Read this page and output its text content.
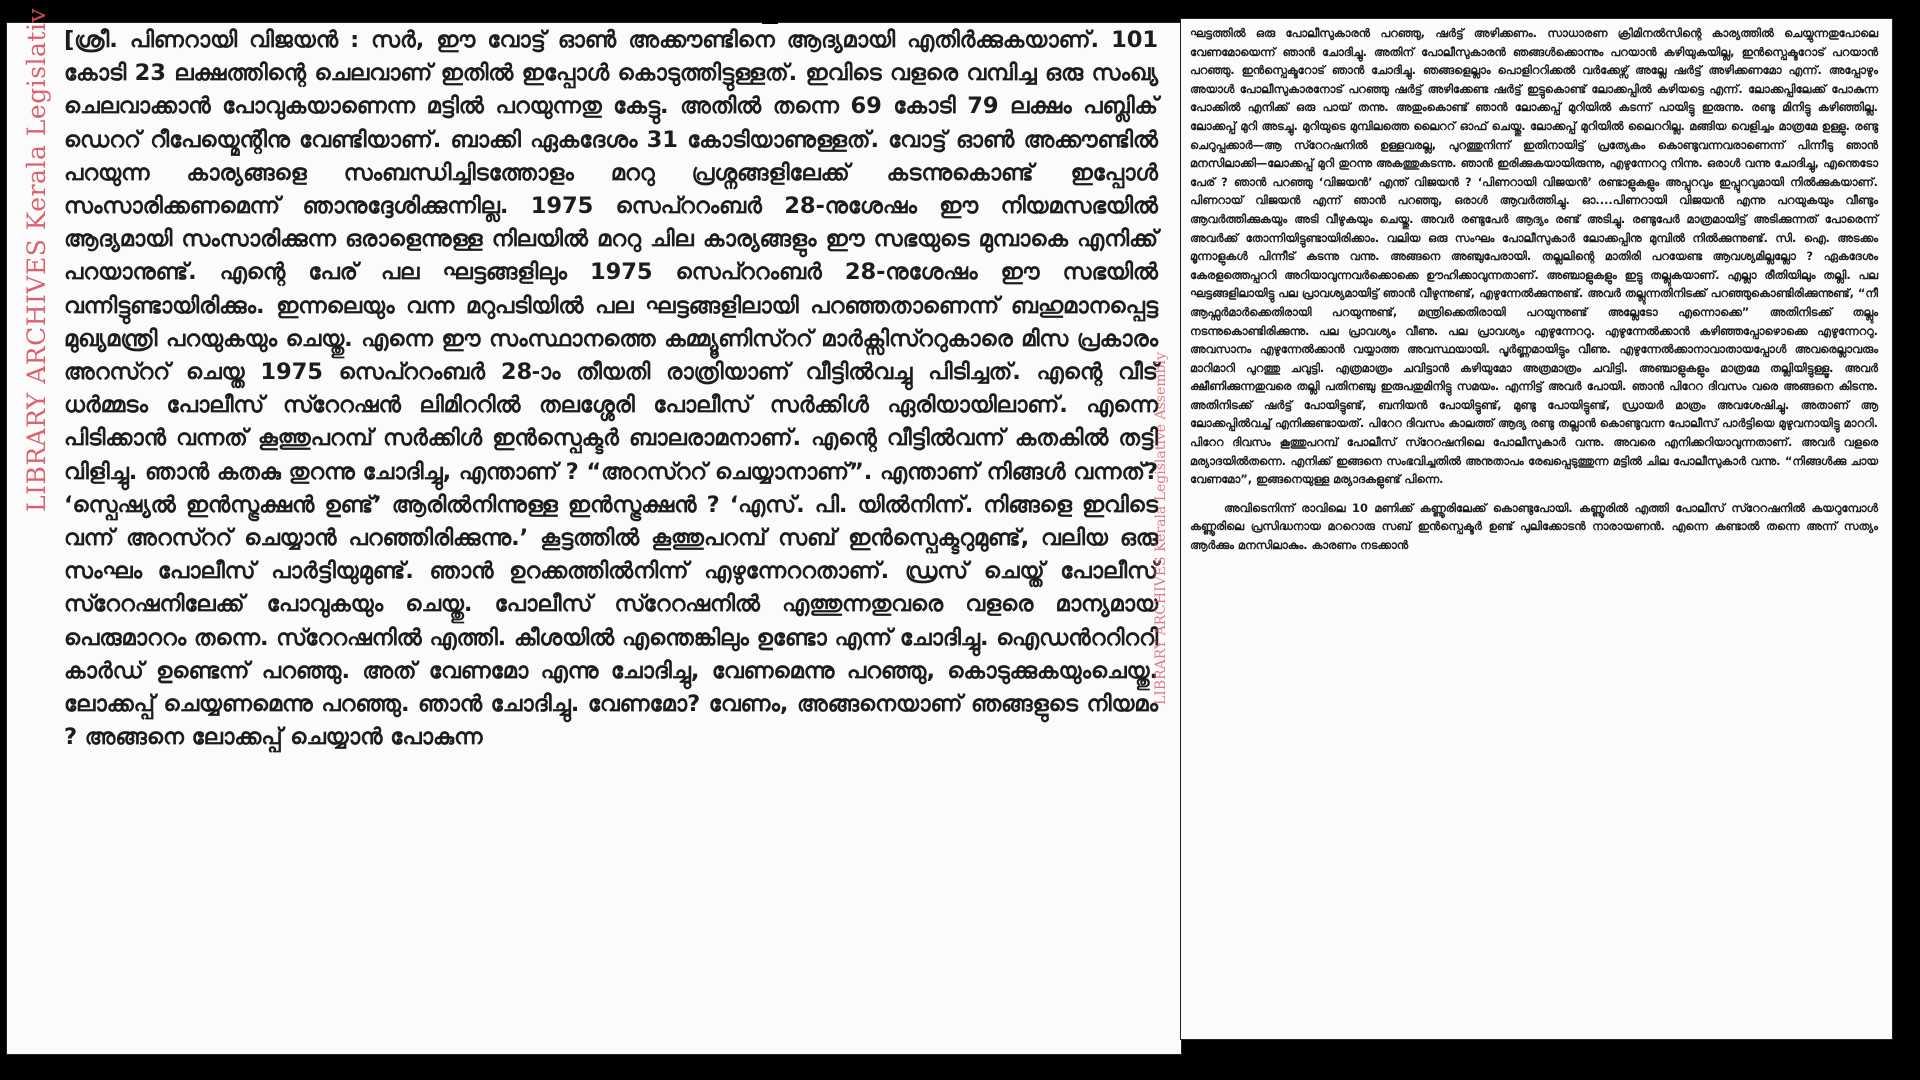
LIBRARY ARCHIVES Kerala Legislativ [ശ്രീ. പിണറായി വിജയൻ : സർ, ഈ വോട്ട് ഓൺ അക്കൗണ്ടിനെ ആദ്യമായി എതിർക്കുകയാണ്. 101 കോടി 23 ലക്ഷത്തിന്റെ ചെലവാണ് ഇതിൽ ഇപ്പോൾ കൊടുത്തിട്ടുള്ളത്. ഇവിടെ വളരെ വമ്പിച്ച ഒരു സംഖ്യ ചെലവാക്കാൻ പോവുകയാണെന്ന മട്ടിൽ പറയുന്നതു കേട്ടു. അതിൽ തന്നെ 69 കോടി 79 ലക്ഷം പബ്ലിക് ഡെററ് റീപേയ്മെന്റിനു വേണ്ടിയാണ്. ബാക്കി ഏകദേശം 31 കോടിയാണുള്ളത്. വോട്ട് ഓൺ അക്കൗണ്ടിൽ പറയുന്ന കാര്യങ്ങളെ സംബന്ധിച്ചിടത്തോളം മററു പ്രശ്നങ്ങളിലേക്ക് കടന്നുകൊണ്ട് ഇപ്പോൾ സംസാരിക്കണമെന്ന് ഞാനുദ്ദേശിക്കുന്നില്ല. 1975 സെപ്ററംബർ 28-നുശേഷം ഈ നിയമസഭയിൽ ആദ്യമായി സംസാരിക്കുന്ന ഒരാളെന്നുള്ള നിലയിൽ മററു ചില കാര്യങ്ങളും ഈ സഭയുടെ മുമ്പാകെ എനിക്ക് പറയാനുണ്ട്. എന്റെ പേര് പല ഘട്ടങ്ങളിലും 1975 സെപ്ററംബർ 28-നുശേഷം ഈ സഭയിൽ വന്നിട്ടുണ്ടായിരിക്കും. ഇന്നലെയും വന്ന മറുപടിയിൽ പല ഘട്ടങ്ങളിലായി പറഞ്ഞതാണെന്ന് ബഹുമാനപ്പെട്ട മുഖ്യമന്ത്രി പറയുകയും ചെയ്തു. എന്നെ ഈ സംസ്ഥാനത്തെ കമ്മ്യൂണിസ്ററ് മാർക്സിസ്ററുകാരെ മിസ പ്രകാരം അറസ്ററ് ചെയ്ത 1975 സെപ്ററംബർ 28-ാം തീയതി രാത്രിയാണ് വീട്ടിൽവച്ചു പിടിച്ചത്. എന്റെ വീട് ധർമ്മടം പോലീസ് സ്റേറഷൻ ലിമിററിൽ തലശ്ശേരി പോലീസ് സർക്കിൾ ഏരിയായിലാണ്. എന്നെ പിടിക്കാൻ വന്നത് കൂത്തുപറമ്പ് സർക്കിൾ ഇൻസ്പെക്ടർ ബാലരാമനാണ്. എന്റെ വീട്ടിൽവന്ന് കതകിൽ തട്ടി വിളിച്ചു. ഞാൻ കതകു തുറന്നു ചോദിച്ചു, എന്താണ് ? “അറസ്ററ് ചെയ്യാനാണ്”. എന്താണ് നിങ്ങൾ വന്നത്? ‘സ്പെഷ്യൽ ഇൻസ്ട്രക്ഷൻ ഉണ്ട്’ ആരിൽനിന്നുള്ള ഇൻസ്ട്രക്ഷൻ ? ‘എസ്. പി. യിൽനിന്ന്. നിങ്ങളെ ഇവിടെ വന്ന് അറസ്ററ് ചെയ്യാൻ പറഞ്ഞിരിക്കുന്നു.’ കൂട്ടത്തിൽ കൂത്തുപറമ്പ് സബ് ഇൻസ്പെക്ടറുമുണ്ട്, വലിയ ഒരു സംഘം പോലീസ് പാർട്ടിയുമുണ്ട്. ഞാൻ ഉറക്കത്തിൽനിന്ന് എഴുന്നേററതാണ്. ഡ്രസ് ചെയ്ത് പോലീസ് സ്റേറഷനിലേക്ക് പോവുകയും ചെയ്തു. പോലീസ് സ്റേറഷനിൽ എത്തുന്നതുവരെ വളരെ മാന്യമായ പെരുമാററം തന്നെ. സ്റേറഷനിൽ എത്തി. കീശയിൽ എന്തെങ്കിലും ഉണ്ടോ എന്ന് ചോദിച്ചു. ഐഡൻററിററി കാർഡ് ഉണ്ടെന്ന് പറഞ്ഞു. അത് വേണമോ എന്നു ചോദിച്ചു, വേണമെന്നു പറഞ്ഞു, കൊടുക്കുകയുംചെയ്തു. ലോക്കപ്പ് ചെയ്യണമെന്നു പറഞ്ഞു. ഞാൻ ചോദിച്ചു. വേണമോ? വേണം, അങ്ങനെയാണ് ഞങ്ങളുടെ നിയമം ? അങ്ങനെ ലോക്കപ്പ് ചെയ്യാൻ പോകുന്ന
LIBRARY ARCHIVES Kerala Legislative Assembly
ഘട്ടത്തിൽ ഒരു പോലീസുകാരൻ പറഞ്ഞു, ഷർട്ട് അഴിക്കണം. സാധാരണ ക്രിമിനൽസിന്റെ കാര്യത്തിൽ ചെയ്യുന്നതുപോലെ വേണമോയെന്ന് ഞാൻ ചോദിച്ചു. അതിന് പോലീസുകാരൻ ഞങ്ങൾക്കൊന്നും പറയാൻ കഴിയുകയില്ല, ഇൻസ്പെക്ടറോട് പറയാൻ പറഞ്ഞു. ഇൻസ്പെക്ടറോട് ഞാൻ ചോദിച്ചു. ഞങ്ങളെല്ലാം പൊളിററിക്കൽ വർക്കേഴ്സ് അല്ലേ ഷർട്ട് അഴിക്കണമോ എന്ന്. അപ്പോഴും അയാൾ പോലീസുകാരനോട് പറഞ്ഞു ഷർട്ട് അഴിക്കേണ്ട ഷർട്ട് ഇട്ടുകൊണ്ട് ലോക്കപ്പിൽ കഴിയട്ടെ എന്ന്. ലോക്കപ്പിലേക്ക് പോകുന്ന പോക്കിൽ എനിക്ക് ഒരു പായ് തന്നു. അതുംകൊണ്ട് ഞാൻ ലോക്കപ്പ് മുറിയിൽ കടന്ന് പായിട്ടു ഇരുന്നു. രണ്ടു മിനിട്ടു കഴിഞ്ഞില്ല. ലോക്കപ്പ് മുറി അടച്ചു. മുറിയുടെ മുമ്പിലത്തെ ലൈററ് ഓഫ് ചെയ്തു. ലോക്കപ്പ് മുറിയിൽ ലൈററില്ല. മങ്ങിയ വെളിച്ചം മാത്രമേ ഉള്ളു. രണ്ടു ചെറുപ്പക്കാർ—ആ സ്റേറഷനിൽ ഉള്ളവരല്ല, പുറത്തുനിന്ന് ഇതിനായിട്ട് പ്രത്യേകം കൊണ്ടുവന്നവരാണെന്ന് പിന്നീടു ഞാൻ മനസിലാക്കി—ലോക്കപ്പ് മുറി തുറന്നു അകത്തുകടന്നു. ഞാൻ ഇരിക്കുകയായിരുന്നു, എഴുന്നേററു നിന്നു. ഒരാൾ വന്നു ചോദിച്ചു, എന്തെടോ പേര് ? ഞാൻ പറഞ്ഞു ‘വിജയൻ’ എന്ത് വിജയൻ ? ‘പിണറായി വിജയൻ’ രണ്ടാളുകളും അപ്പുറവും ഇപ്പുറവുമായി നിൽക്കുകയാണ്. പിണറായ് വിജയൻ എന്ന് ഞാൻ പറഞ്ഞു, ഒരാൾ ആവർത്തിച്ചു. ഓ....പിണറായി വിജയൻ എന്നു പറയുകയും വീണ്ടും ആവർത്തിക്കുകയും അടി വീഴുകയും ചെയ്തു. അവർ രണ്ടുപേർ ആദ്യം രണ്ട് അടിച്ചു. രണ്ടുപേർ മാത്രമായിട്ട് അടിക്കുന്നത് പോരെന്ന് അവർക്ക് തോന്നിയിട്ടുണ്ടായിരിക്കാം. വലിയ ഒരു സംഘം പോലീസുകാർ ലോക്കപ്പിനു മുമ്പിൽ നിൽക്കുന്നുണ്ട്. സി. ഐ. അടക്കം മൂന്നാളുകൾ പിന്നീട് കടന്നു വന്നു. അങ്ങനെ അഞ്ചുപേരായി. തല്ലലിന്റെ മാതിരി പറയേണ്ട ആവശ്യമില്ലല്ലോ ? ഏകദേശം കേരളത്തെപ്പററി അറിയാവുന്നവർക്കൊക്കെ ഊഹിക്കാവുന്നതാണ്. അഞ്ചാളുകളും ഇട്ടു തല്ലുകയാണ്. എല്ലാ രീതിയിലും തല്ലി. പല ഘട്ടങ്ങളിലായിട്ടു പല പ്രാവശ്യമായിട്ട് ഞാൻ വീഴുന്നുണ്ട്, എഴുന്നേൽക്കുന്നുണ്ട്. അവർ തല്ലുന്നതിനിടക്ക് പറഞ്ഞുകൊണ്ടിരിക്കുന്നുണ്ട്, “നീ ആഫ്സർമാർക്കെതിരായി പറയുന്നുണ്ട്, മന്ത്രിക്കെതിരായി പറയുന്നുണ്ട് അല്ലേടോ എന്നൊക്കെ” അതിനിടക്ക് തല്ലും നടന്നുകൊണ്ടിരിക്കുന്നു. പല പ്രാവശ്യം വീണു. പല പ്രാവശ്യം എഴുന്നേററു. എഴുന്നേൽക്കാൻ കഴിഞ്ഞപ്പോഴൊക്കെ എഴുന്നേററു. അവസാനം എഴുന്നേൽക്കാൻ വയ്യാത്ത അവസ്ഥയായി. പൂർണ്ണമായിട്ടും വീണു. എഴുന്നേൽക്കാനാവാതായപ്പോൾ അവരെല്ലാവരും മാറിമാറി പുറത്തു ചവുട്ടി. എത്രമാത്രം ചവിട്ടാൻ കഴിയുമോ അത്രമാത്രം ചവിട്ടി. അഞ്ചാളുകളും മാത്രമേ തല്ലിയിട്ടുള്ളൂ. അവർ ക്ഷീണിക്കുന്നതുവരെ തല്ലി പതിനഞ്ചു ഇരുപതുമിനിട്ടു സമയം. എന്നിട്ട് അവർ പോയി. ഞാൻ പിറേറ ദിവസം വരെ അങ്ങനെ കിടന്നു. അതിനിടക്ക് ഷർട്ട് പോയിട്ടുണ്ട്, ബനിയൻ പോയിട്ടുണ്ട്, മുണ്ടു പോയിട്ടുണ്ട്, ഡ്രായർ മാത്രം അവശേഷിച്ചു. അതാണ് ആ ലോക്കപ്പിൽവച്ച് എനിക്കുണ്ടായത്. പിറേറ ദിവസം കാലത്ത് ആദ്യ രണ്ടു തല്ലാൻ കൊണ്ടുവന്ന പോലീസ് പാർട്ടിയെ മുഴുവനായിട്ടു മാററി. പിറേറ ദിവസം കൂത്തുപറമ്പ് പോലീസ് സ്റേറഷനിലെ പോലീസുകാർ വന്നു. അവരെ എനിക്കറിയാവുന്നതാണ്. അവർ വളരെ മര്യാദയിൽതന്നെ. എനിക്ക് ഇങ്ങനെ സംഭവിച്ചതിൽ അനുതാപം രേഖപ്പെടുത്തുന്ന മട്ടിൽ ചില പോലീസുകാർ വന്നു. “നിങ്ങൾക്കു ചായ വേണമോ”, ഇങ്ങനെയുള്ള മര്യാദകളുണ്ട് പിന്നെ.
അവിടെനിന്ന് രാവിലെ 10 മണിക്ക് കണ്ണൂരിലേക്ക് കൊണ്ടുപോയി. കണ്ണൂരിൽ എത്തി പോലീസ് സ്റേറഷനിൽ കയറുമ്പോൾ കണ്ണൂരിലെ പ്രസിദ്ധനായ മററൊരു സബ് ഇൻസ്പെക്ടർ ഉണ്ട് പുലിക്കോടൻ നാരായണൻ. എന്നെ കണ്ടാൽ തന്നെ അന്ന് സത്യം ആർക്കും മനസിലാകും. കാരണം നടക്കാൻ
